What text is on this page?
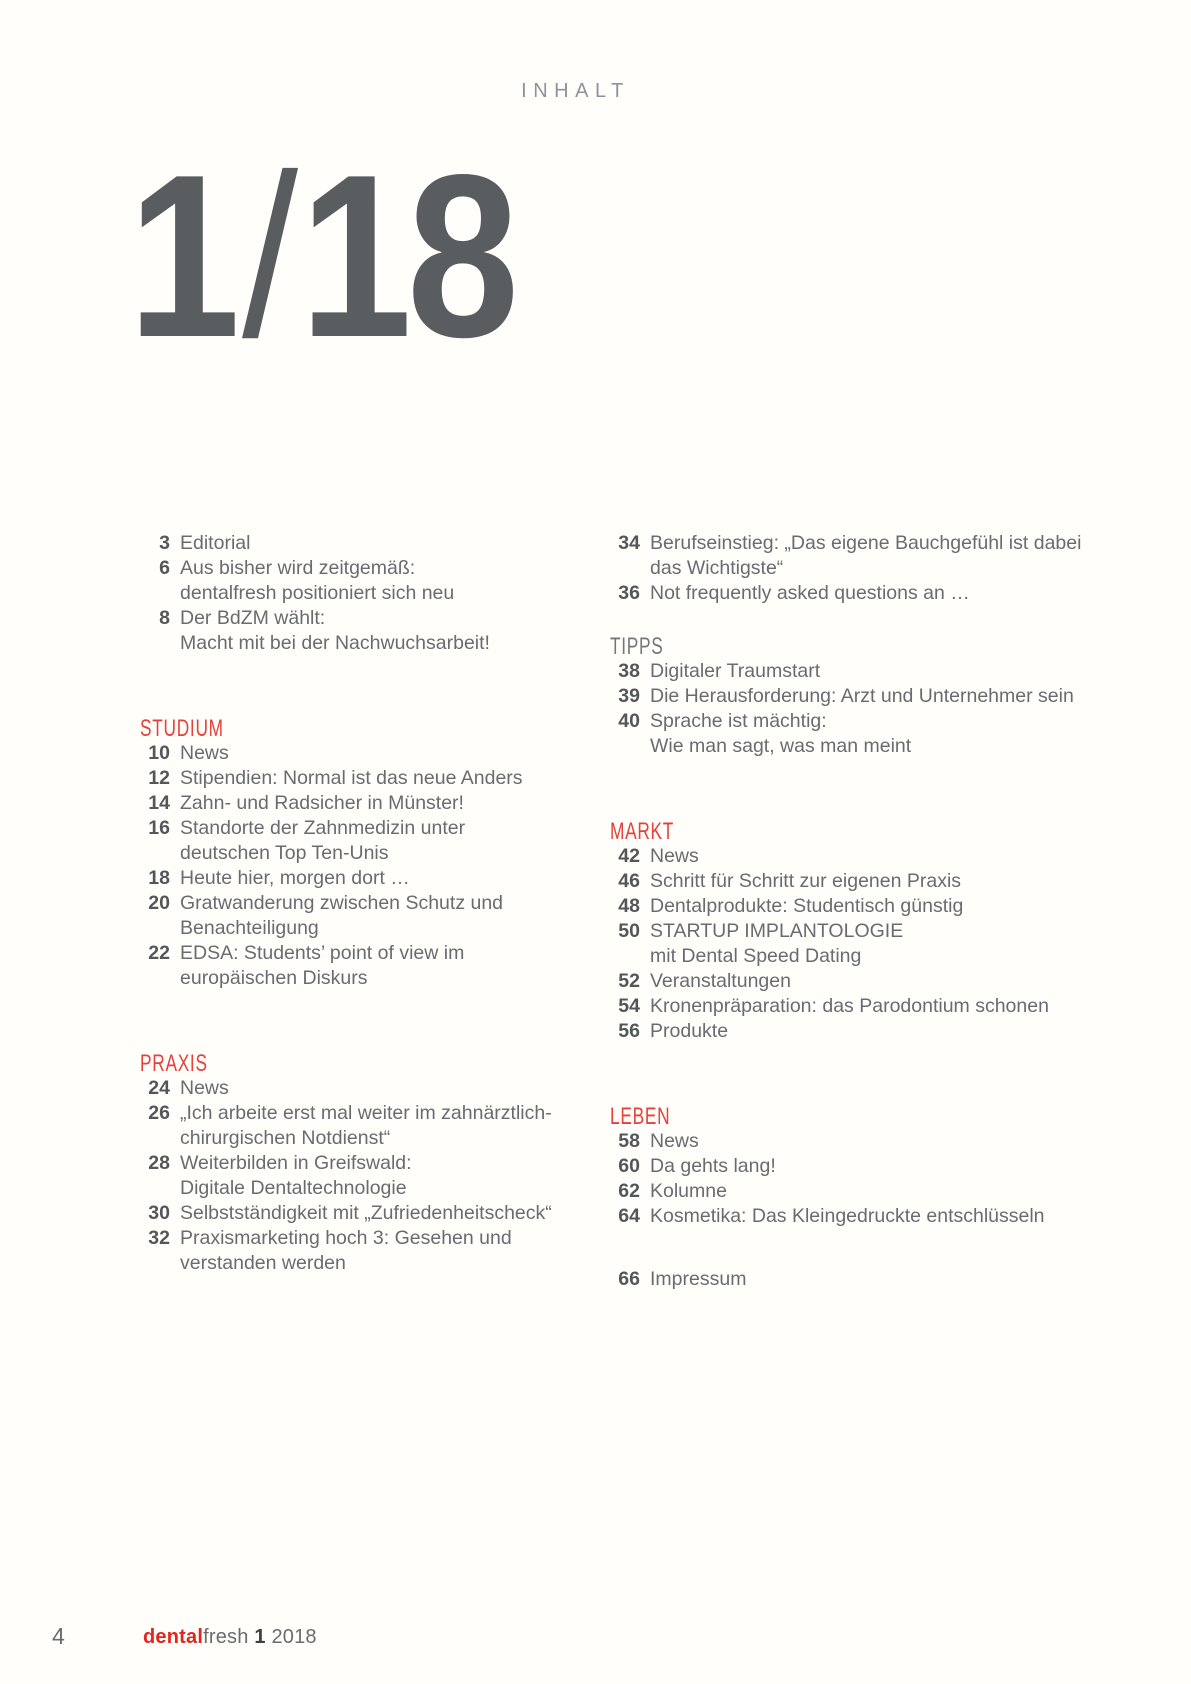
INHALT
1/18
3 Editorial
6 Aus bisher wird zeitgemäß:
dentalfresh positioniert sich neu
8 Der BdZM wählt:
Macht mit bei der Nachwuchsarbeit!
STUDIUM
10 News
12 Stipendien: Normal ist das neue Anders
14 Zahn- und Radsicher in Münster!
16 Standorte der Zahnmedizin unter
deutschen Top Ten-Unis
18 Heute hier, morgen dort …
20 Gratwanderung zwischen Schutz und
Benachteiligung
22 EDSA: Students’ point of view im
europäischen Diskurs
PRAXIS
24 News
26 „Ich arbeite erst mal weiter im zahnärztlich-
chirurgischen Notdienst“
28 Weiterbilden in Greifswald:
Digitale Dentaltechnologie
30 Selbstständigkeit mit „Zufriedenheitscheck“
32 Praxismarketing hoch 3: Gesehen und
verstanden werden
34 Berufseinstieg: „Das eigene Bauchgefühl ist dabei
das Wichtigste“
36 Not frequently asked questions an …
TIPPS
38 Digitaler Traumstart
39 Die Herausforderung: Arzt und Unternehmer sein
40 Sprache ist mächtig:
Wie man sagt, was man meint
MARKT
42 News
46 Schritt für Schritt zur eigenen Praxis
48 Dentalprodukte: Studentisch günstig
50 STARTUP IMPLANTOLOGIE
mit Dental Speed Dating
52 Veranstaltungen
54 Kronenpräparation: das Parodontium schonen
56 Produkte
LEBEN
58 News
60 Da gehts lang!
62 Kolumne
64 Kosmetika: Das Kleingedruckte entschlüsseln
66 Impressum
4	dentalfresh 1 2018
